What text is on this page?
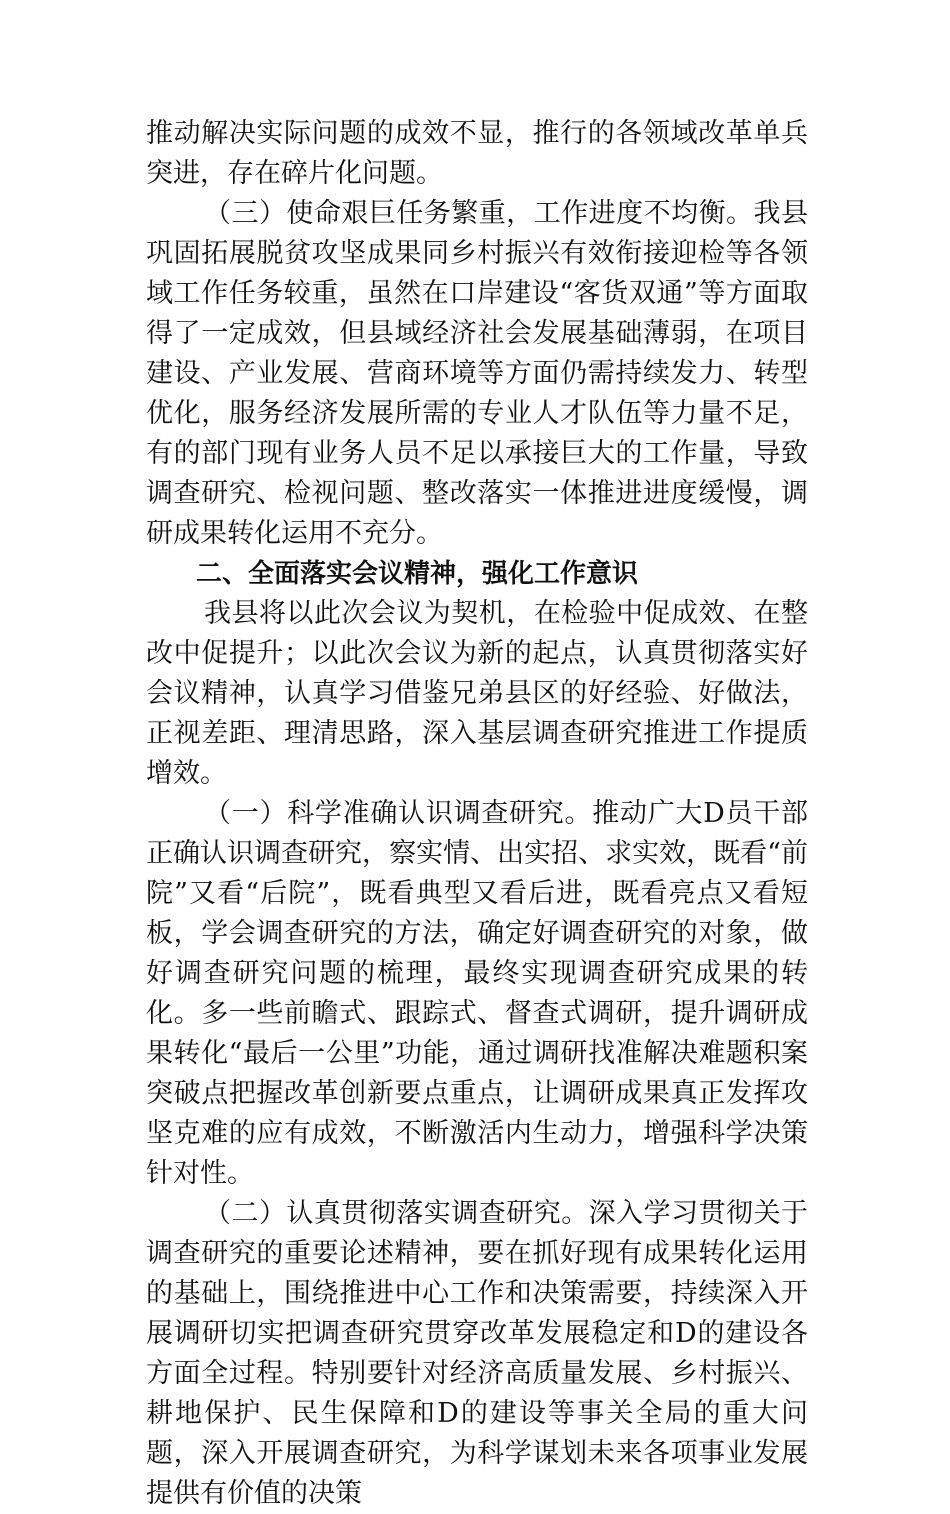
推动解决实际问题的成效不显，推行的各领域改革单兵突进，存在碎片化问题。

（三）使命艰巨任务繁重，工作进度不均衡。我县巩固拓展脱贫攻坚成果同乡村振兴有效衔接迎检等各领域工作任务较重，虽然在口岸建设“客货双通”等方面取得了一定成效，但县域经济社会发展基础薄弱，在项目建设、产业发展、营商环境等方面仍需持续发力、转型优化，服务经济发展所需的专业人才队伍等力量不足，有的部门现有业务人员不足以承接巨大的工作量，导致调查研究、检视问题、整改落实一体推进进度缓慢，调研成果转化运用不充分。

二、全面落实会议精神，强化工作意识

我县将以此次会议为契机，在检验中促成效、在整改中促提升；以此次会议为新的起点，认真贯彻落实好会议精神，认真学习借鉴兄弟县区的好经验、好做法，正视差距、理清思路，深入基层调查研究推进工作提质增效。

（一）科学准确认识调查研究。推动广大D员干部正确认识调查研究，察实情、出实招、求实效，既看“前院”又看“后院”，既看典型又看后进，既看亮点又看短板，学会调查研究的方法，确定好调查研究的对象，做好调查研究问题的梳理，最终实现调查研究成果的转化。多一些前瞻式、跟踪式、督查式调研，提升调研成果转化“最后一公里”功能，通过调研找准解决难题积案突破点把握改革创新要点重点，让调研成果真正发挥攻坚克难的应有成效，不断激活内生动力，增强科学决策针对性。

（二）认真贯彻落实调查研究。深入学习贯彻关于调查研究的重要论述精神，要在抓好现有成果转化运用的基础上，围绕推进中心工作和决策需要，持续深入开展调研切实把调查研究贯穿改革发展稳定和D的建设各方面全过程。特别要针对经济高质量发展、乡村振兴、耕地保护、民生保障和D的建设等事关全局的重大问题，深入开展调查研究，为科学谋划未来各项事业发展提供有价值的决策
